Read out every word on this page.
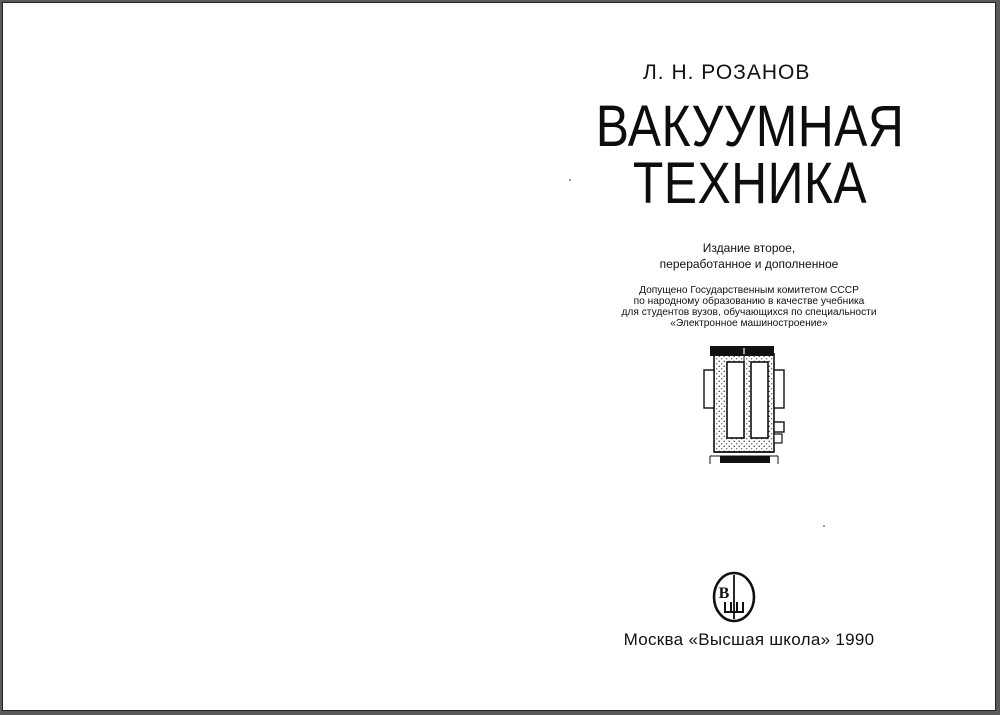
Л. Н. РОЗАНОВ
ВАКУУМНАЯ
ТЕХНИКА
Издание второе,
переработанное и дополненное
Допущено Государственным комитетом СССР
по народному образованию в качестве учебника
для студентов вузов, обучающихся по специальности
«Электронное машиностроение»
В
Москва «Высшая школа» 1990
